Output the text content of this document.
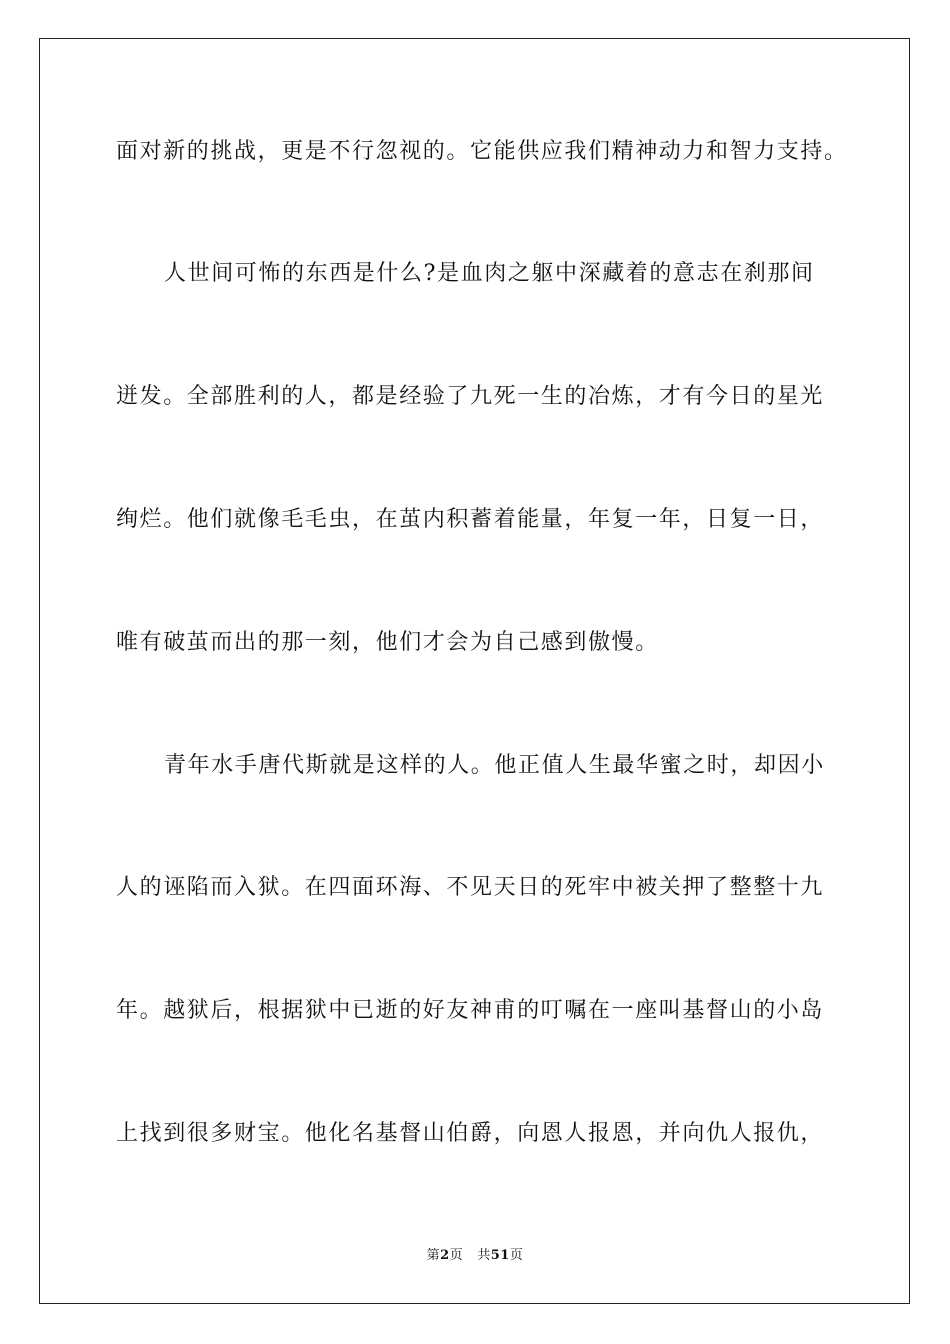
面对新的挑战，更是不行忽视的。它能供应我们精神动力和智力支持。
人世间可怖的东西是什么?是血肉之躯中深藏着的意志在刹那间
迸发。全部胜利的人，都是经验了九死一生的冶炼，才有今日的星光
绚烂。他们就像毛毛虫，在茧内积蓄着能量，年复一年，日复一日，
唯有破茧而出的那一刻，他们才会为自己感到傲慢。
青年水手唐代斯就是这样的人。他正值人生最华蜜之时，却因小
人的诬陷而入狱。在四面环海、不见天日的死牢中被关押了整整十九
年。越狱后，根据狱中已逝的好友神甫的叮嘱在一座叫基督山的小岛
上找到很多财宝。他化名基督山伯爵，向恩人报恩，并向仇人报仇，
第2页 共51页
